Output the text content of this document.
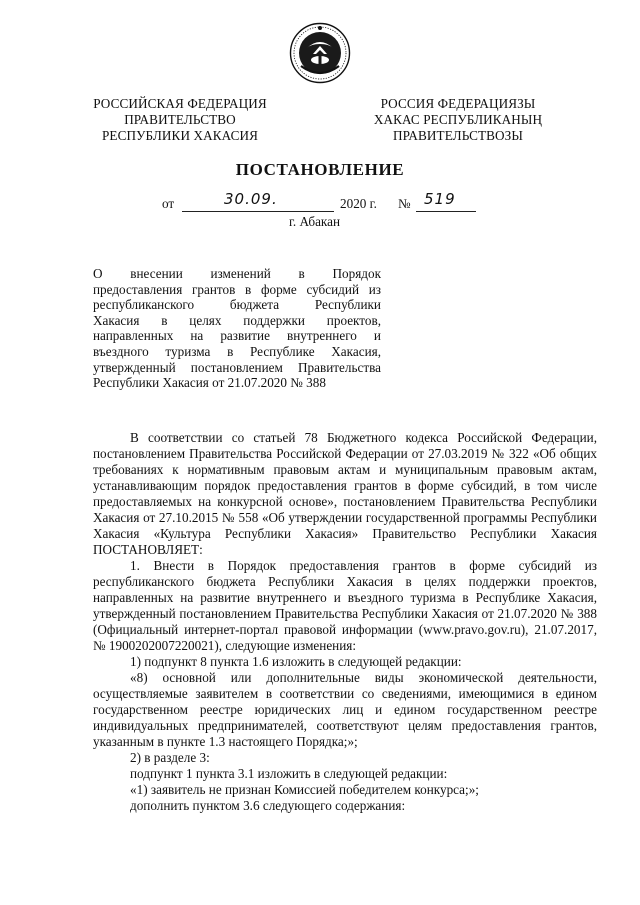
РОССИЙСКАЯ ФЕДЕРАЦИЯ
ПРАВИТЕЛЬСТВО
РЕСПУБЛИКИ ХАКАСИЯ
РОССИЯ ФЕДЕРАЦИЯЗЫ
ХАКАС РЕСПУБЛИКАНЫҢ
ПРАВИТЕЛЬСТВОЗЫ
ПОСТАНОВЛЕНИЕ
от	30.09.	2020 г. № 519
г. Абакан
О внесении изменений в Порядок
предоставления грантов в форме субсидий из
республиканского бюджета Республики
Хакасия в целях поддержки проектов,
направленных на развитие внутреннего и
въездного туризма в Республике Хакасия,
утвержденный постановлением Правительства
Республики Хакасия от 21.07.2020 № 388
В соответствии со статьей 78 Бюджетного кодекса Российской Федерации, постановлением Правительства Российской Федерации от 27.03.2019 № 322 «Об общих требованиях к нормативным правовым актам и муниципальным правовым актам, устанавливающим порядок предоставления грантов в форме субсидий, в том числе предоставляемых на конкурсной основе», постановлением Правительства Республики Хакасия от 27.10.2015 № 558 «Об утверждении государственной программы Республики Хакасия «Культура Республики Хакасия» Правительство Республики Хакасия ПОСТАНОВЛЯЕТ:
1. Внести в Порядок предоставления грантов в форме субсидий из республиканского бюджета Республики Хакасия в целях поддержки проектов, направленных на развитие внутреннего и въездного туризма в Республике Хакасия, утвержденный постановлением Правительства Республики Хакасия от 21.07.2020 № 388 (Официальный интернет-портал правовой информации (www.pravo.gov.ru), 21.07.2017, № 1900202007220021), следующие изменения:
1) подпункт 8 пункта 1.6 изложить в следующей редакции:
«8) основной или дополнительные виды экономической деятельности, осуществляемые заявителем в соответствии со сведениями, имеющимися в едином государственном реестре юридических лиц и едином государственном реестре индивидуальных предпринимателей, соответствуют целям предоставления грантов, указанным в пункте 1.3 настоящего Порядка;»;
2) в разделе 3:
подпункт 1 пункта 3.1 изложить в следующей редакции:
«1) заявитель не признан Комиссией победителем конкурса;»;
дополнить пунктом 3.6 следующего содержания:
